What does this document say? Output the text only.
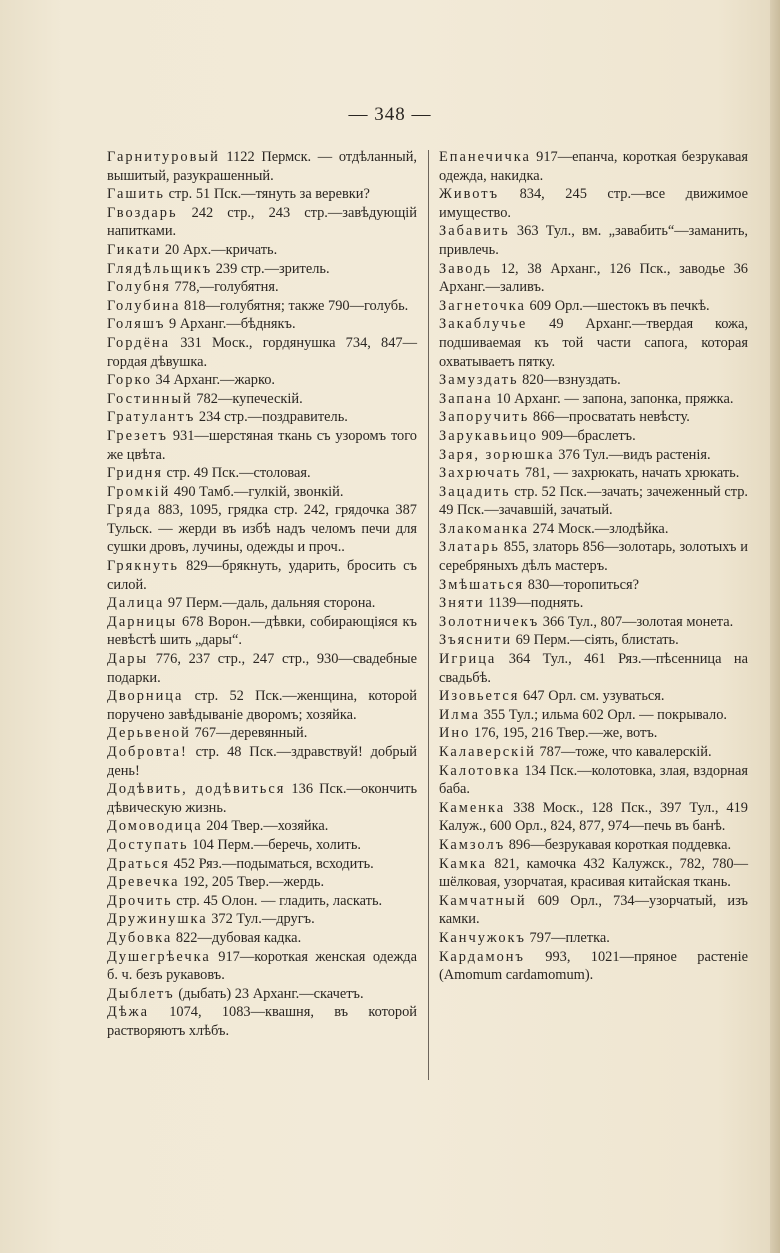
— 348 —

Гарнитуровый 1122 Пермск. — отдѣланный, вышитый, разукрашенный.

Гашить стр. 51 Пск.—тянуть за веревки?

Гвоздарь 242 стр., 243 стр.—завѣдующій напитками.

Гикати 20 Арх.—кричать.

Глядѣльщикъ 239 стр.—зритель.

Голубня 778,—голубятня.

Голубина 818—голубятня; также 790—голубь.

Голяшъ 9 Арханг.—бѣднякъ.

Гордёна 331 Моск., гордянушка 734, 847—гордая дѣвушка.

Горко 34 Арханг.—жарко.

Гостинный 782—купеческій.

Гратулантъ 234 стр.—поздравитель.

Грезетъ 931—шерстяная ткань съ узоромъ того же цвѣта.

Гридня стр. 49 Пск.—столовая.

Громкій 490 Тамб.—гулкій, звонкій.

Гряда 883, 1095, грядка стр. 242, грядочка 387 Тульск. — жерди въ избѣ надъ челомъ печи для сушки дровъ, лучины, одежды и проч..

Грякнуть 829—брякнуть, ударить, бросить съ силой.

Далица 97 Перм.—даль, дальняя сторона.

Дарницы 678 Ворон.—дѣвки, собирающіяся къ невѣстѣ шить „дары“.

Дары 776, 237 стр., 247 стр., 930—свадебные подарки.

Дворница стр. 52 Пск.—женщина, которой поручено завѣдываніе дворомъ; хозяйка.

Дерьвеной 767—деревянный.

Добровта! стр. 48 Пск.—здравствуй! добрый день!

Додѣвить, додѣвиться 136 Пск.—окончить дѣвическую жизнь.

Домоводица 204 Твер.—хозяйка.

Доступать 104 Перм.—беречь, холить.

Драться 452 Ряз.—подыматься, всходить.

Древечка 192, 205 Твер.—жердь.

Дрочить стр. 45 Олон. — гладить, ласкать.

Дружинушка 372 Тул.—другъ.

Дубовка 822—дубовая кадка.

Душегрѣечка 917—короткая женская одежда б. ч. безъ рукавовъ.

Дыблетъ (дыбать) 23 Арханг.—скачетъ.

Дѣжа 1074, 1083—квашня, въ которой растворяютъ хлѣбъ.

Епанечичка 917—епанча, короткая безрукавая одежда, накидка.

Животъ 834, 245 стр.—все движимое имущество.

Забавить 363 Тул., вм. „завабить“—заманить, привлечь.

Заводь 12, 38 Арханг., 126 Пск., заводье 36 Арханг.—заливъ.

Загнеточка 609 Орл.—шестокъ въ печкѣ.

Закаблучье 49 Арханг.—твердая кожа, подшиваемая къ той части сапога, которая охватываетъ пятку.

Замуздать 820—взнуздать.

Запана 10 Арханг. — запона, запонка, пряжка.

Запоручить 866—просватать невѣсту.

Зарукавьицо 909—браслетъ.

Заря, зорюшка 376 Тул.—видъ растенія.

Захрючать 781, — захрюкать, начать хрюкать.

Зацадить стр. 52 Пск.—зачать; зачеженный стр. 49 Пск.—зачавшій, зачатый.

Злакоманка 274 Моск.—злодѣйка.

Златарь 855, златорь 856—золотарь, золотыхъ и серебряныхъ дѣлъ мастеръ.

Змѣшаться 830—торопиться?

Зняти 1139—поднять.

Золотничекъ 366 Тул., 807—золотая монета.

Зъяснити 69 Перм.—сіять, блистать.

Игрица 364 Тул., 461 Ряз.—пѣсенница на свадьбѣ.

Изовьется 647 Орл. см. узуваться.

Илма 355 Тул.; ильма 602 Орл. — покрывало.

Ино 176, 195, 216 Твер.—же, вотъ.

Калаверскій 787—тоже, что кавалерскій.

Калотовка 134 Пск.—колотовка, злая, вздорная баба.

Каменка 338 Моск., 128 Пск., 397 Тул., 419 Калуж., 600 Орл., 824, 877, 974—печь въ банѣ.

Камзолъ 896—безрукавая короткая поддевка.

Камка 821, камочка 432 Калужск., 782, 780—шёлковая, узорчатая, красивая китайская ткань.

Камчатный 609 Орл., 734—узорчатый, изъ камки.

Канчужокъ 797—плетка.

Кардамонъ 993, 1021—пряное растеніе (Amomum cardamomum).
